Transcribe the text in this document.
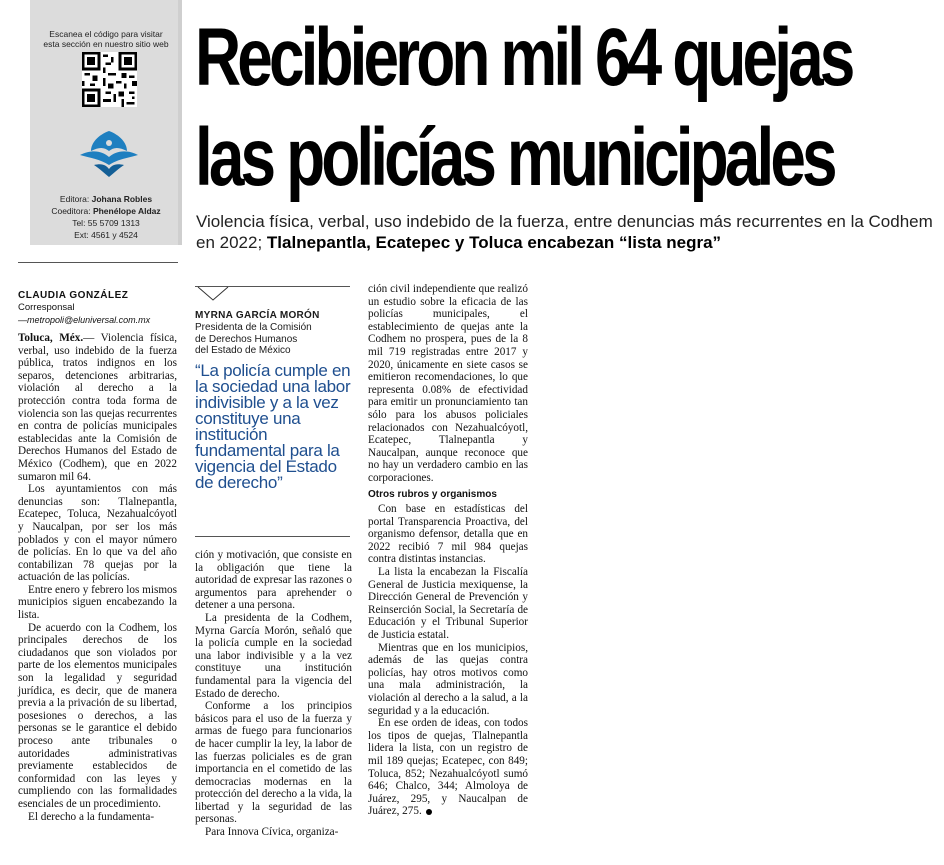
Escanea el código para visitar
esta sección en nuestro sitio web
Editora: Johana Robles
Coeditora: Phenélope Aldaz
Tel: 55 5709 1313
Ext: 4561 y 4524
Recibieron mil 64 quejas
las policías municipales
Violencia física, verbal, uso indebido de la fuerza, entre denuncias más recurrentes en la Codhem en 2022; Tlalnepantla, Ecatepec y Toluca encabezan “lista negra”
CLAUDIA GONZÁLEZ
Corresponsal
—metropoli@eluniversal.com.mx

Toluca, Méx.— Violencia física, verbal, uso indebido de la fuerza pública, tratos indignos en los separos, detenciones arbitrarias, violación al derecho a la protección contra toda forma de violencia son las quejas recurrentes en contra de policías municipales establecidas ante la Comisión de Derechos Humanos del Estado de México (Codhem), que en 2022 sumaron mil 64.

Los ayuntamientos con más denuncias son: Tlalnepantla, Ecatepec, Toluca, Nezahualcóyotl y Naucalpan, por ser los más poblados y con el mayor número de policías. En lo que va del año contabilizan 78 quejas por la actuación de las policías.

Entre enero y febrero los mismos municipios siguen encabezando la lista.

De acuerdo con la Codhem, los principales derechos de los ciudadanos que son violados por parte de los elementos municipales son la legalidad y seguridad jurídica, es decir, que de manera previa a la privación de su libertad, posesiones o derechos, a las personas se le garantice el debido proceso ante tribunales o autoridades administrativas previamente establecidos de conformidad con las leyes y cumpliendo con las formalidades esenciales de un procedimiento.

El derecho a la fundamenta-

MYRNA GARCÍA MORÓN
Presidenta de la Comisión
de Derechos Humanos
del Estado de México
“La policía cumple en la sociedad una labor indivisible y a la vez constituye una institución fundamental para la vigencia del Estado de derecho”

ción y motivación, que consiste en la obligación que tiene la autoridad de expresar las razones o argumentos para aprehender o detener a una persona.

La presidenta de la Codhem, Myrna García Morón, señaló que la policía cumple en la sociedad una labor indivisible y a la vez constituye una institución fundamental para la vigencia del Estado de derecho.

Conforme a los principios básicos para el uso de la fuerza y armas de fuego para funcionarios de hacer cumplir la ley, la labor de las fuerzas policiales es de gran importancia en el cometido de las democracias modernas en la protección del derecho a la vida, la libertad y la seguridad de las personas.

Para Innova Cívica, organiza-

ción civil independiente que realizó un estudio sobre la eficacia de las policías municipales, el establecimiento de quejas ante la Codhem no prospera, pues de la 8 mil 719 registradas entre 2017 y 2020, únicamente en siete casos se emitieron recomendaciones, lo que representa 0.08% de efectividad para emitir un pronunciamiento tan sólo para los abusos policiales relacionados con Nezahualcóyotl, Ecatepec, Tlalnepantla y Naucalpan, aunque reconoce que no hay un verdadero cambio en las corporaciones.

Otros rubros y organismos

Con base en estadísticas del portal Transparencia Proactiva, del organismo defensor, detalla que en 2022 recibió 7 mil 984 quejas contra distintas instancias.

La lista la encabezan la Fiscalía General de Justicia mexiquense, la Dirección General de Prevención y Reinserción Social, la Secretaría de Educación y el Tribunal Superior de Justicia estatal.

Mientras que en los municipios, además de las quejas contra policías, hay otros motivos como una mala administración, la violación al derecho a la salud, a la seguridad y a la educación.

En ese orden de ideas, con todos los tipos de quejas, Tlalnepantla lidera la lista, con un registro de mil 189 quejas; Ecatepec, con 849; Toluca, 852; Nezahualcóyotl sumó 646; Chalco, 344; Almoloya de Juárez, 295, y Naucalpan de Juárez, 275.
